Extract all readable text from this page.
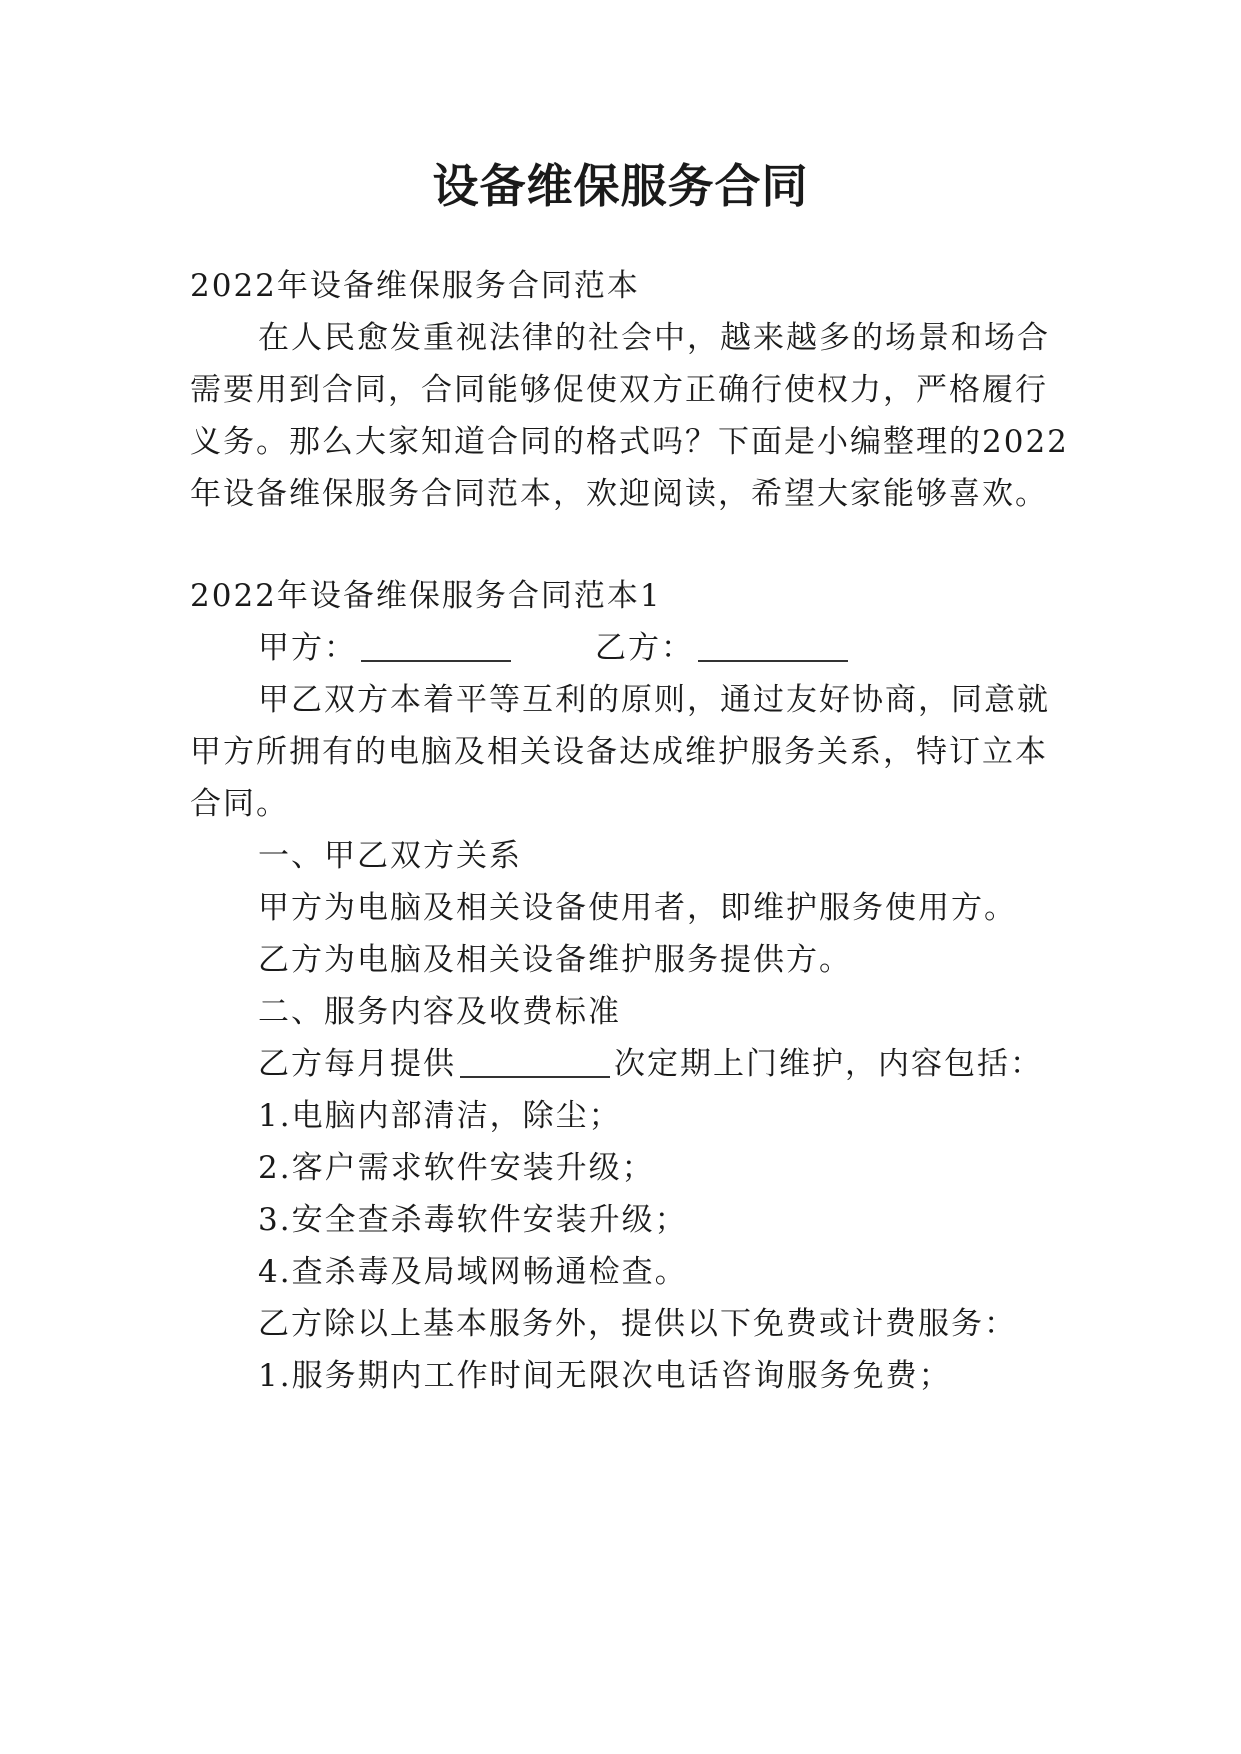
设备维保服务合同
2022年设备维保服务合同范本
在人民愈发重视法律的社会中，越来越多的场景和场合
需要用到合同，合同能够促使双方正确行使权力，严格履行
义务。那么大家知道合同的格式吗？下面是小编整理的2022
年设备维保服务合同范本，欢迎阅读，希望大家能够喜欢。
2022年设备维保服务合同范本1
甲方：	乙方：
甲乙双方本着平等互利的原则，通过友好协商，同意就
甲方所拥有的电脑及相关设备达成维护服务关系，特订立本
合同。
一、甲乙双方关系
甲方为电脑及相关设备使用者，即维护服务使用方。
乙方为电脑及相关设备维护服务提供方。
二、服务内容及收费标准
乙方每月提供	次定期上门维护，内容包括：
1.电脑内部清洁，除尘；
2.客户需求软件安装升级；
3.安全查杀毒软件安装升级；
4.查杀毒及局域网畅通检查。
乙方除以上基本服务外，提供以下免费或计费服务：
1.服务期内工作时间无限次电话咨询服务免费；
